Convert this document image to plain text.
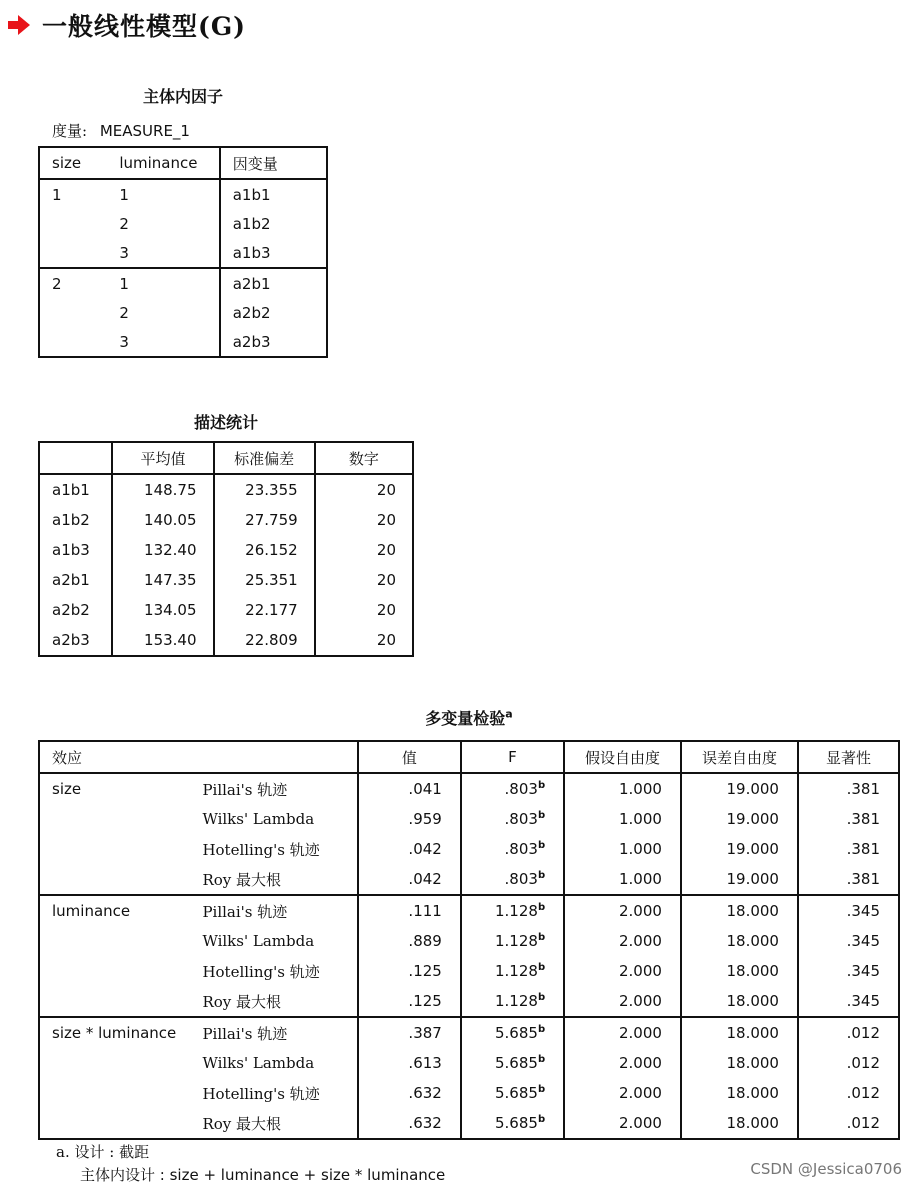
一般线性模型(G)
主体内因子
度量: MEASURE_1
size	luminance	因变量
1	1	a1b1
	2	a1b2
	3	a1b3
2	1	a2b1
	2	a2b2
	3	a2b3
描述统计
	平均值	标准偏差	数字
a1b1	148.75	23.355	20
a1b2	140.05	27.759	20
a1b3	132.40	26.152	20
a2b1	147.35	25.351	20
a2b2	134.05	22.177	20
a2b3	153.40	22.809	20
多变量检验$^a$
效应		值	F	假设自由度	误差自由度	显著性
size	Pillai's 轨迹	.041	.803$^b$	1.000	19.000	.381
	Wilks' Lambda	.959	.803$^b$	1.000	19.000	.381
	Hotelling's 轨迹	.042	.803$^b$	1.000	19.000	.381
	Roy 最大根	.042	.803$^b$	1.000	19.000	.381
luminance	Pillai's 轨迹	.111	1.128$^b$	2.000	18.000	.345
	Wilks' Lambda	.889	1.128$^b$	2.000	18.000	.345
	Hotelling's 轨迹	.125	1.128$^b$	2.000	18.000	.345
	Roy 最大根	.125	1.128$^b$	2.000	18.000	.345
size * luminance	Pillai's 轨迹	.387	5.685$^b$	2.000	18.000	.012
	Wilks' Lambda	.613	5.685$^b$	2.000	18.000	.012
	Hotelling's 轨迹	.632	5.685$^b$	2.000	18.000	.012
	Roy 最大根	.632	5.685$^b$	2.000	18.000	.012
a. 设计 : 截距
主体内设计 : size + luminance + size * luminance	CSDN @Jessica0706
